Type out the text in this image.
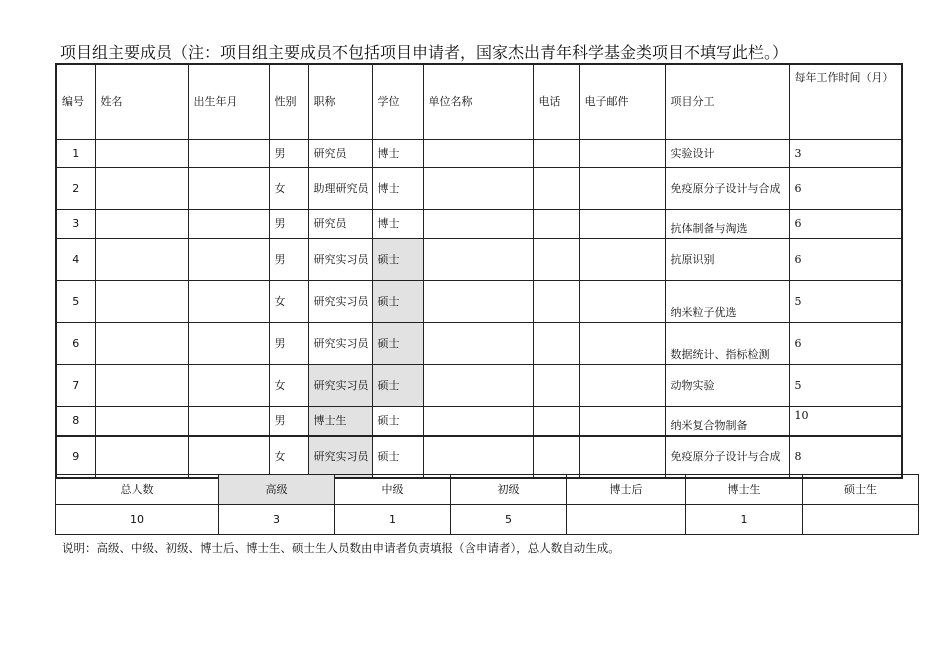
项目组主要成员（注：项目组主要成员不包括项目申请者，国家杰出青年科学基金类项目不填写此栏。）
编号	姓名	出生年月	性别	职称	学位	单位名称	电话	电子邮件	项目分工	每年工作时间（月）
1			男	研究员	博士				实验设计	3
2			女	助理研究员	博士				免疫原分子设计与合成	6
3			男	研究员	博士				抗体制备与淘选	6
4			男	研究实习员	硕士				抗原识别	6
5			女	研究实习员	硕士				纳米粒子优选	5
6			男	研究实习员	硕士				数据统计、指标检测	6
7			女	研究实习员	硕士				动物实验	5
8			男	博士生	硕士				纳米复合物制备	10
9			女	研究实习员	硕士				免疫原分子设计与合成	8
总人数	高级	中级	初级	博士后	博士生	硕士生
10	3	1	5		1	
说明：高级、中级、初级、博士后、博士生、硕士生人员数由申请者负责填报（含申请者），总人数自动生成。
